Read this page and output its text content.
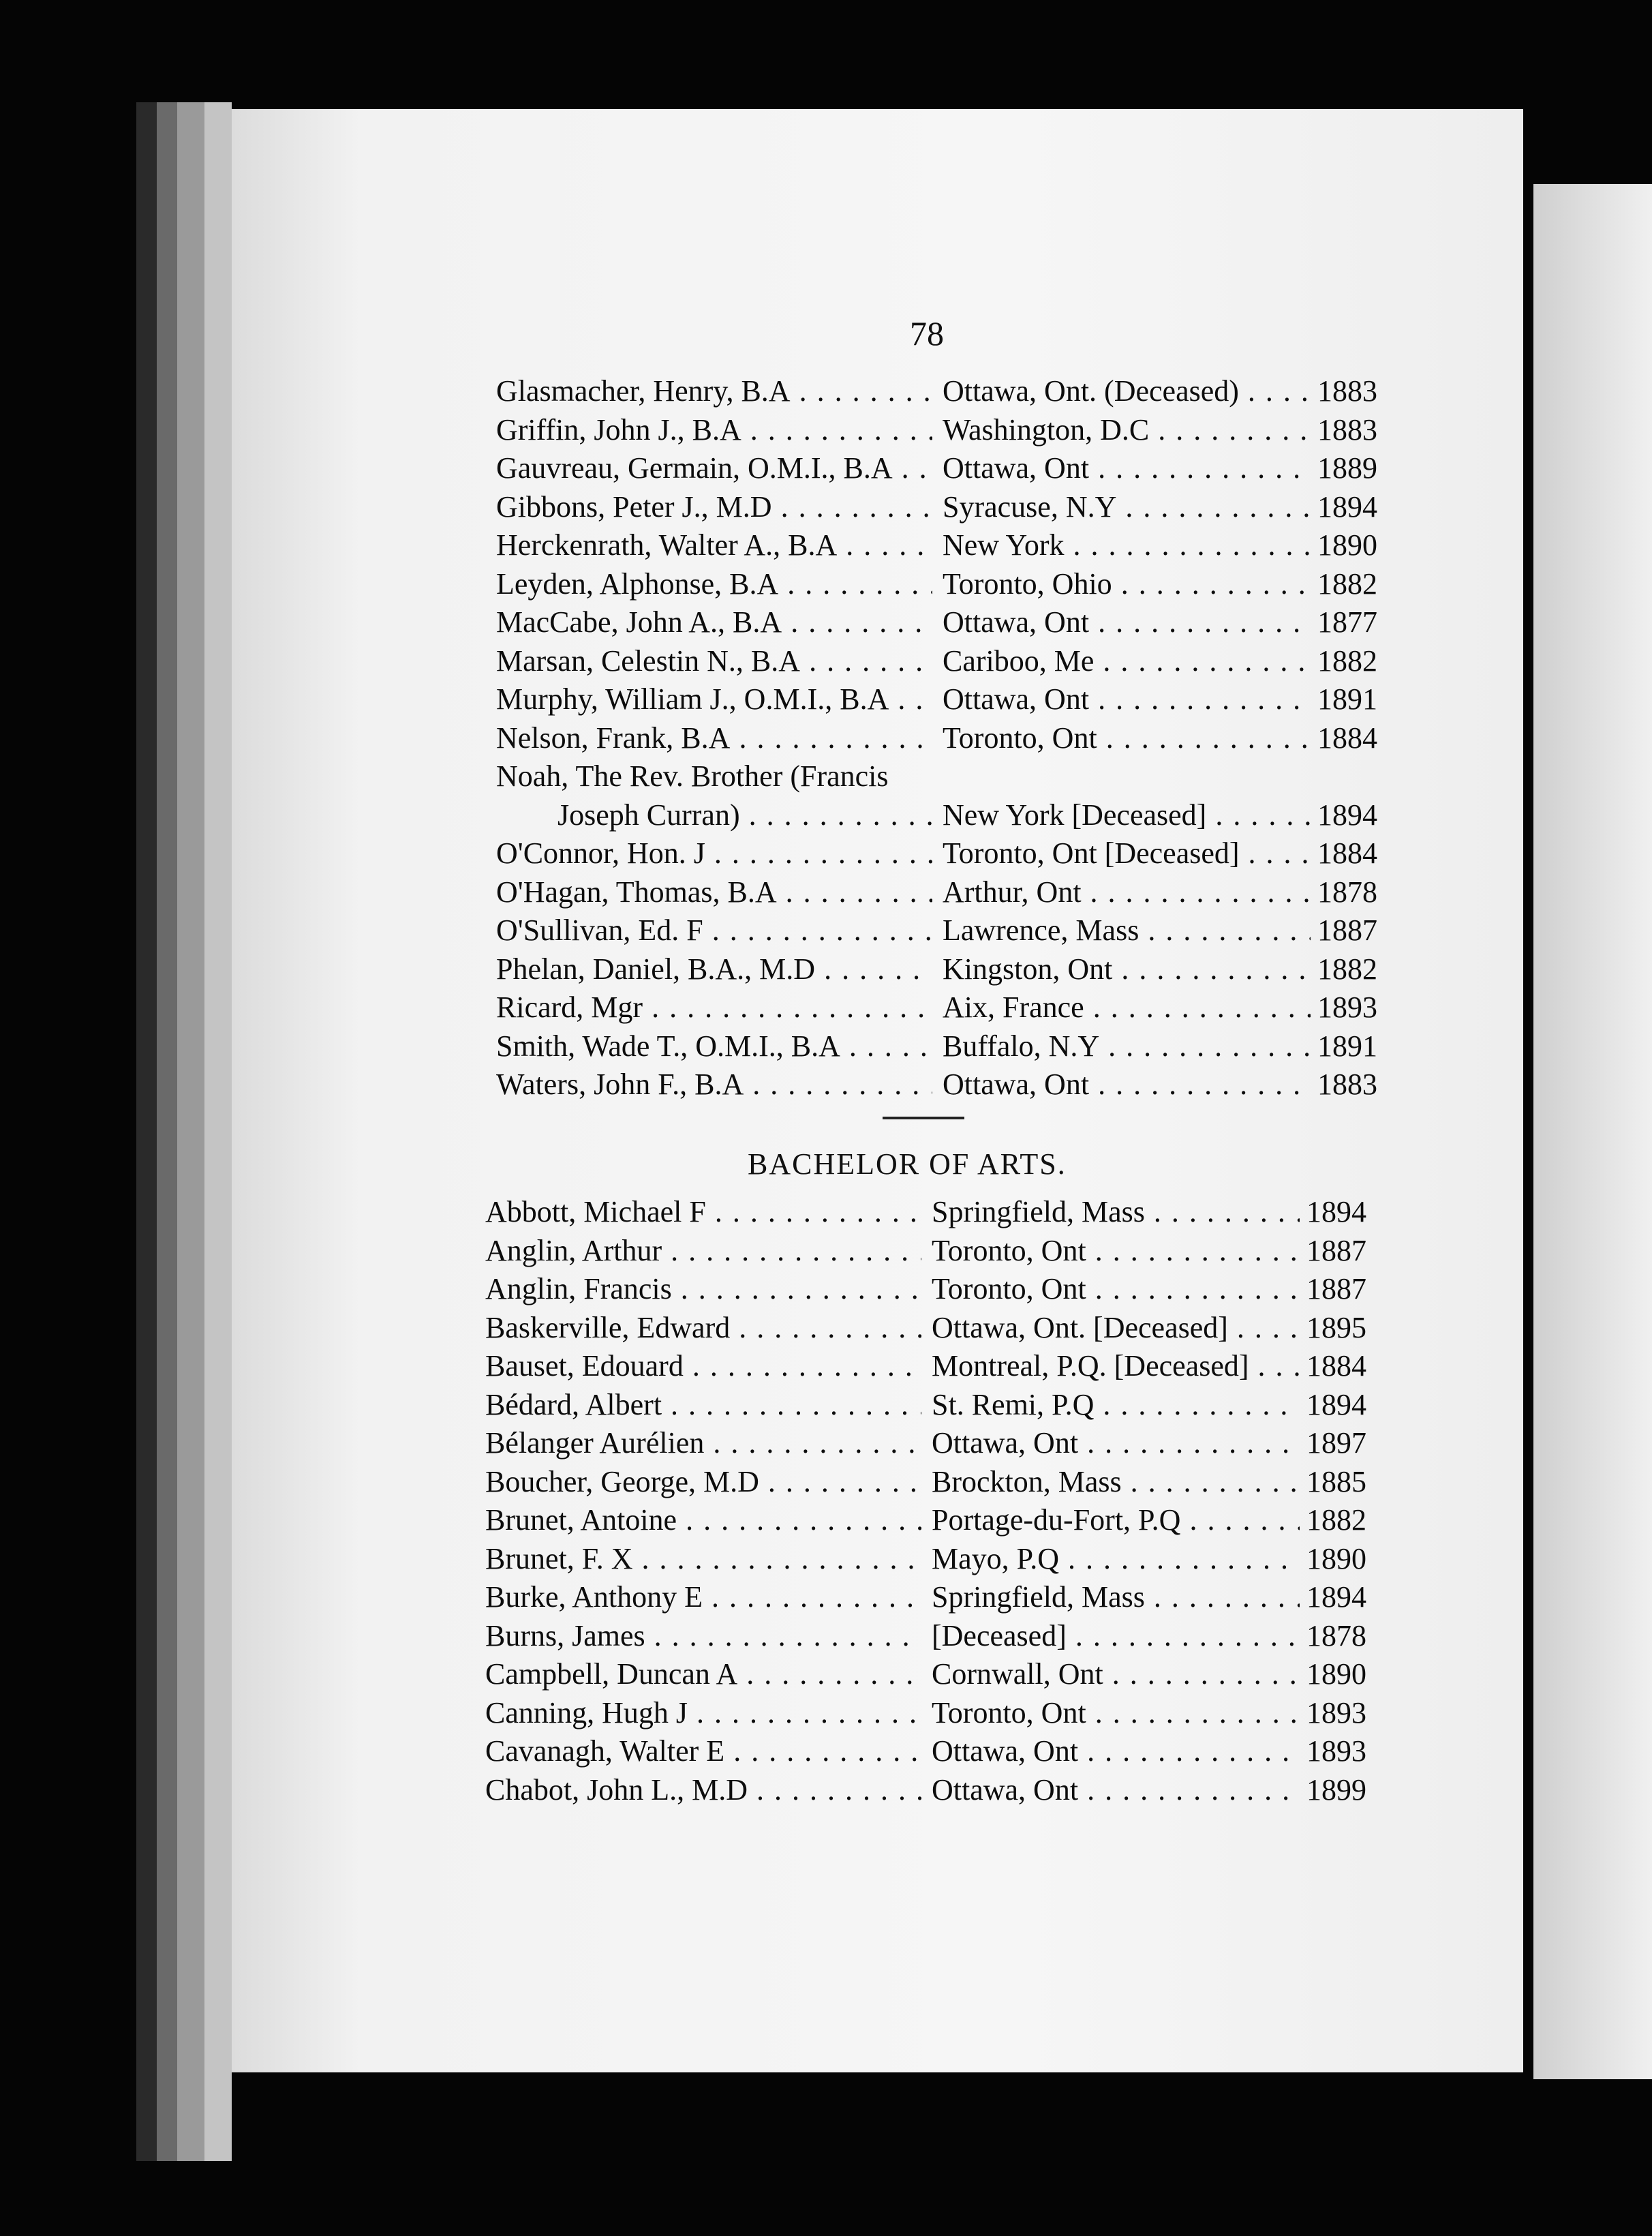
78
Glasmacher, Henry, B.A . . .	Ottawa, Ont. (Deceased) . . .	1883
Griffin, John J., B.A . . .	Washington, D.C . . .	1883
Gauvreau, Germain, O.M.I., B.A . . .	Ottawa, Ont . . .	1889
Gibbons, Peter J., M.D . . .	Syracuse, N.Y . . .	1894
Herckenrath, Walter A., B.A . . .	New York . . .	1890
Leyden, Alphonse, B.A . . .	Toronto, Ohio . . .	1882
MacCabe, John A., B.A . . .	Ottawa, Ont . . .	1877
Marsan, Celestin N., B.A . . .	Cariboo, Me . . .	1882
Murphy, William J., O.M.I., B.A . . .	Ottawa, Ont . . .	1891
Nelson, Frank, B.A . . .	Toronto, Ont . . .	1884
Noah, The Rev. Brother (Francis
Joseph Curran) . . .	New York [Deceased] . . .	1894
O'Connor, Hon. J . . .	Toronto, Ont [Deceased] . . .	1884
O'Hagan, Thomas, B.A . . .	Arthur, Ont . . .	1878
O'Sullivan, Ed. F . . .	Lawrence, Mass . . .	1887
Phelan, Daniel, B.A., M.D . . .	Kingston, Ont . . .	1882
Ricard, Mgr . . .	Aix, France . . .	1893
Smith, Wade T., O.M.I., B.A . . .	Buffalo, N.Y . . .	1891
Waters, John F., B.A . . .	Ottawa, Ont . . .	1883
BACHELOR OF ARTS.
Abbott, Michael F . . .	Springfield, Mass . . .	1894
Anglin, Arthur . . .	Toronto, Ont . . .	1887
Anglin, Francis . . .	Toronto, Ont . . .	1887
Baskerville, Edward . . .	Ottawa, Ont. [Deceased] . . .	1895
Bauset, Edouard . . .	Montreal, P.Q. [Deceased] . . .	1884
Bédard, Albert . . .	St. Remi, P.Q . . .	1894
Bélanger Aurélien . . .	Ottawa, Ont . . .	1897
Boucher, George, M.D . . .	Brockton, Mass . . .	1885
Brunet, Antoine . . .	Portage-du-Fort, P.Q . . .	1882
Brunet, F. X . . .	Mayo, P.Q . . .	1890
Burke, Anthony E . . .	Springfield, Mass . . .	1894
Burns, James . . .	[Deceased] . . .	1878
Campbell, Duncan A . . .	Cornwall, Ont . . .	1890
Canning, Hugh J . . .	Toronto, Ont . . .	1893
Cavanagh, Walter E . . .	Ottawa, Ont . . .	1893
Chabot, John L., M.D . . .	Ottawa, Ont . . .	1899
